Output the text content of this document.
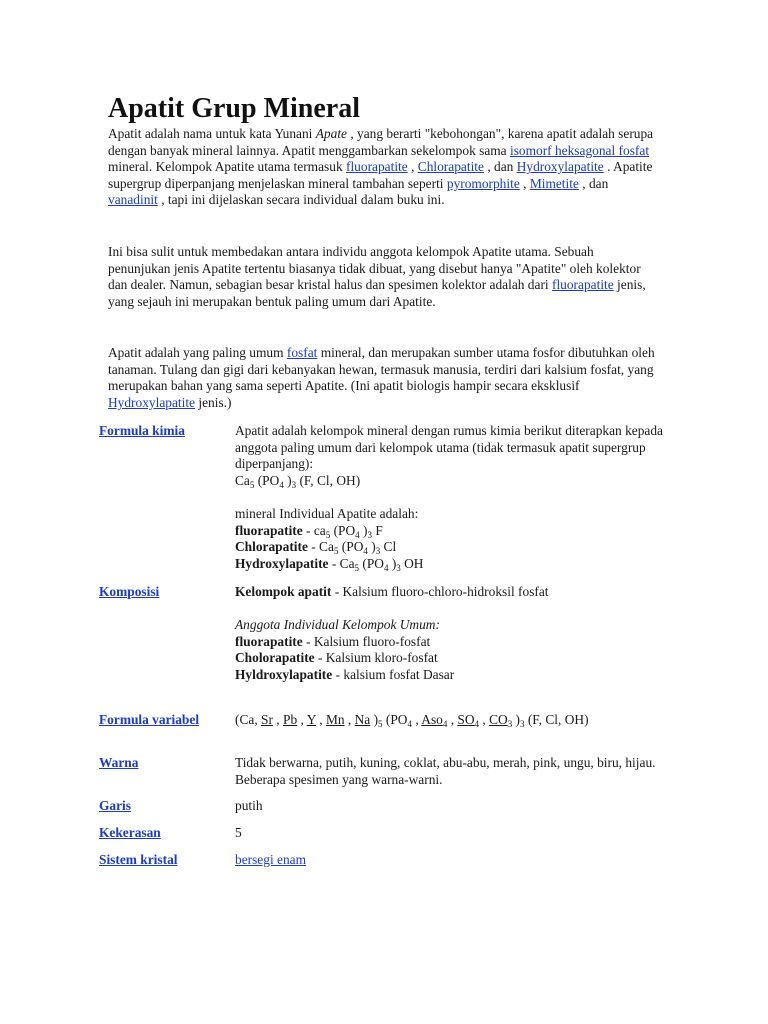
Apatit Grup Mineral

Apatit adalah nama untuk kata Yunani Apate , yang berarti "kebohongan", karena apatit adalah serupa dengan banyak mineral lainnya. Apatit menggambarkan sekelompok sama isomorf heksagonal fosfat mineral. Kelompok Apatite utama termasuk fluorapatite , Chlorapatite , dan Hydroxylapatite . Apatite supergrup diperpanjang menjelaskan mineral tambahan seperti pyromorphite , Mimetite , dan vanadinit , tapi ini dijelaskan secara individual dalam buku ini.

Ini bisa sulit untuk membedakan antara individu anggota kelompok Apatite utama. Sebuah penunjukan jenis Apatite tertentu biasanya tidak dibuat, yang disebut hanya "Apatite" oleh kolektor dan dealer. Namun, sebagian besar kristal halus dan spesimen kolektor adalah dari fluorapatite jenis, yang sejauh ini merupakan bentuk paling umum dari Apatite.

Apatit adalah yang paling umum fosfat mineral, dan merupakan sumber utama fosfor dibutuhkan oleh tanaman. Tulang dan gigi dari kebanyakan hewan, termasuk manusia, terdiri dari kalsium fosfat, yang merupakan bahan yang sama seperti Apatite. (Ini apatit biologis hampir secara eksklusif Hydroxylapatite jenis.)

Formula kimia	Apatit adalah kelompok mineral dengan rumus kimia berikut diterapkan kepada anggota paling umum dari kelompok utama (tidak termasuk apatit supergrup diperpanjang):

$Ca_5$ ($PO_4$ )$_3$ (F, Cl, OH)

mineral Individual Apatite adalah:

fluorapatite - $ca_5$ ($PO_4$ )$_3$ F

Chlorapatite - $Ca_5$ ($PO_4$ )$_3$ Cl

Hydroxylapatite - $Ca_5$ ($PO_4$ )$_3$ OH

Komposisi	Kelompok apatit - Kalsium fluoro-chloro-hidroksil fosfat

Anggota Individual Kelompok Umum:

fluorapatite - Kalsium fluoro-fosfat

Cholorapatite - Kalsium kloro-fosfat

Hyldroxylapatite - kalsium fosfat Dasar

Formula variabel	(Ca, Sr , Pb , Y , Mn , Na )$_5$ ($PO_4$ , Aso$_4$ , $SO_4$ , $CO_3$ )$_3$ (F, Cl, OH)

Warna	Tidak berwarna, putih, kuning, coklat, abu-abu, merah, pink, ungu, biru, hijau. Beberapa spesimen yang warna-warni.

Garis	putih

Kekerasan	5

Sistem kristal	bersegi enam
